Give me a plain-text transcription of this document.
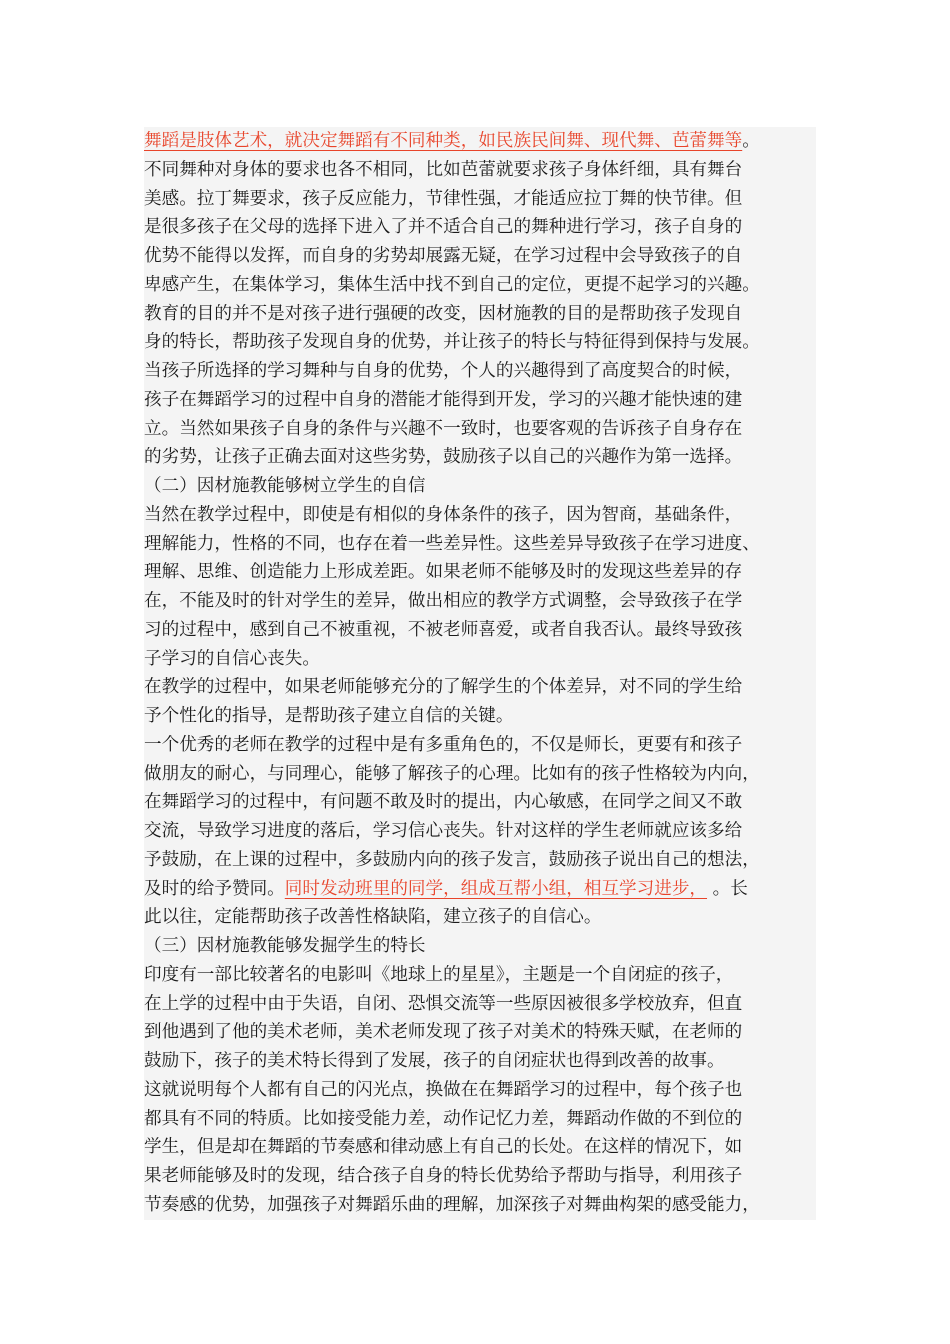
舞蹈是肢体艺术，就决定舞蹈有不同种类，如民族民间舞、现代舞、芭蕾舞等。
不同舞种对身体的要求也各不相同，比如芭蕾就要求孩子身体纤细，具有舞台
美感。拉丁舞要求，孩子反应能力，节律性强，才能适应拉丁舞的快节律。但
是很多孩子在父母的选择下进入了并不适合自己的舞种进行学习，孩子自身的
优势不能得以发挥，而自身的劣势却展露无疑，在学习过程中会导致孩子的自
卑感产生，在集体学习，集体生活中找不到自己的定位，更提不起学习的兴趣。
教育的目的并不是对孩子进行强硬的改变，因材施教的目的是帮助孩子发现自
身的特长，帮助孩子发现自身的优势，并让孩子的特长与特征得到保持与发展。
当孩子所选择的学习舞种与自身的优势，个人的兴趣得到了高度契合的时候，
孩子在舞蹈学习的过程中自身的潜能才能得到开发，学习的兴趣才能快速的建
立。当然如果孩子自身的条件与兴趣不一致时，也要客观的告诉孩子自身存在
的劣势，让孩子正确去面对这些劣势，鼓励孩子以自己的兴趣作为第一选择。
（二）因材施教能够树立学生的自信
当然在教学过程中，即使是有相似的身体条件的孩子，因为智商，基础条件，
理解能力，性格的不同，也存在着一些差异性。这些差异导致孩子在学习进度、
理解、思维、创造能力上形成差距。如果老师不能够及时的发现这些差异的存
在，不能及时的针对学生的差异，做出相应的教学方式调整，会导致孩子在学
习的过程中，感到自己不被重视，不被老师喜爱，或者自我否认。最终导致孩
子学习的自信心丧失。
在教学的过程中，如果老师能够充分的了解学生的个体差异，对不同的学生给
予个性化的指导，是帮助孩子建立自信的关键。
一个优秀的老师在教学的过程中是有多重角色的，不仅是师长，更要有和孩子
做朋友的耐心，与同理心，能够了解孩子的心理。比如有的孩子性格较为内向，
在舞蹈学习的过程中，有问题不敢及时的提出，内心敏感，在同学之间又不敢
交流，导致学习进度的落后，学习信心丧失。针对这样的学生老师就应该多给
予鼓励，在上课的过程中，多鼓励内向的孩子发言，鼓励孩子说出自己的想法，
及时的给予赞同。同时发动班里的同学，组成互帮小组，相互学习进步， 。长
此以往，定能帮助孩子改善性格缺陷，建立孩子的自信心。
（三）因材施教能够发掘学生的特长
印度有一部比较著名的电影叫《地球上的星星》，主题是一个自闭症的孩子，
在上学的过程中由于失语，自闭、恐惧交流等一些原因被很多学校放弃，但直
到他遇到了他的美术老师，美术老师发现了孩子对美术的特殊天赋，在老师的
鼓励下，孩子的美术特长得到了发展，孩子的自闭症状也得到改善的故事。
这就说明每个人都有自己的闪光点，换做在在舞蹈学习的过程中，每个孩子也
都具有不同的特质。比如接受能力差，动作记忆力差，舞蹈动作做的不到位的
学生，但是却在舞蹈的节奏感和律动感上有自己的长处。在这样的情况下，如
果老师能够及时的发现，结合孩子自身的特长优势给予帮助与指导，利用孩子
节奏感的优势，加强孩子对舞蹈乐曲的理解，加深孩子对舞曲构架的感受能力，
